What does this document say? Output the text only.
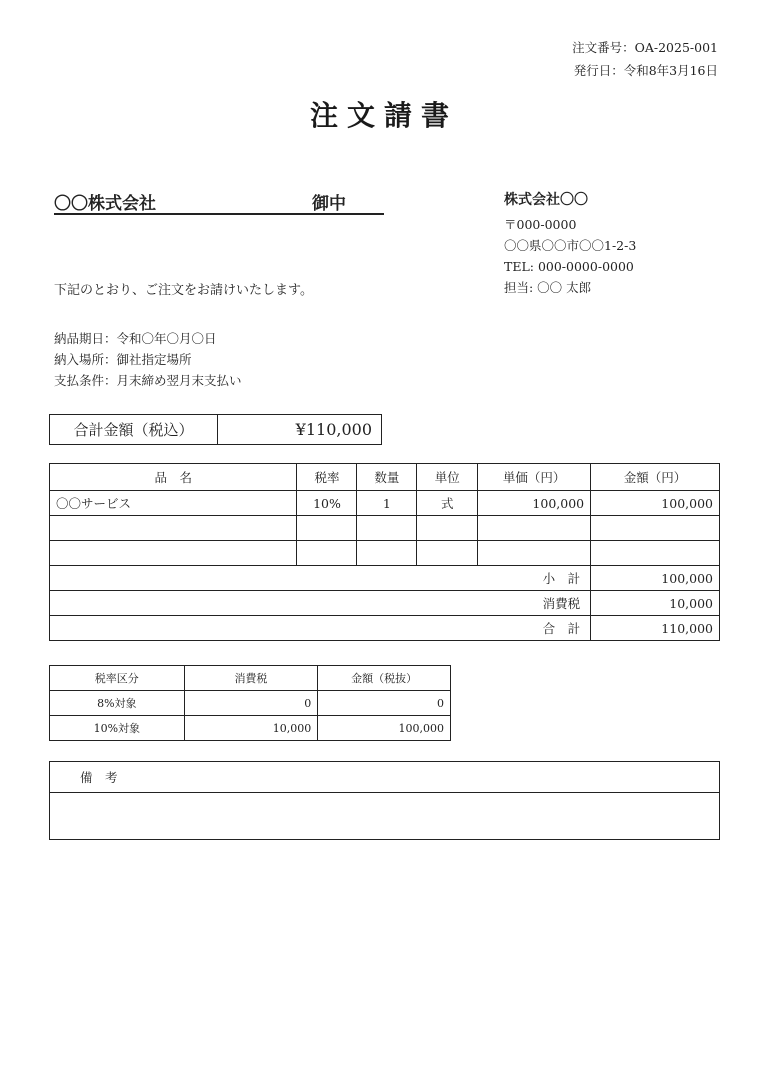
注文番号：OA-2025-001
発行日：令和8年3月16日
注文請書
〇〇株式会社	御中	株式会社〇〇
〒000-0000
〇〇県〇〇市〇〇1-2-3
TEL: 000-0000-0000
担当: 〇〇 太郎
下記のとおり、ご注文をお請けいたします。
納品期日：令和〇年〇月〇日
納入場所：御社指定場所
支払条件：月末締め翌月末支払い
合計金額（税込）	¥110,000
品　名	税率	数量	単位	単価（円）	金額（円）
〇〇サービス	10%	1	式	100,000	100,000

小　計					100,000
消費税					10,000
合　計					110,000
税率区分	消費税	金額（税抜）
8%対象	0	0
10%対象	10,000	100,000
備　考
